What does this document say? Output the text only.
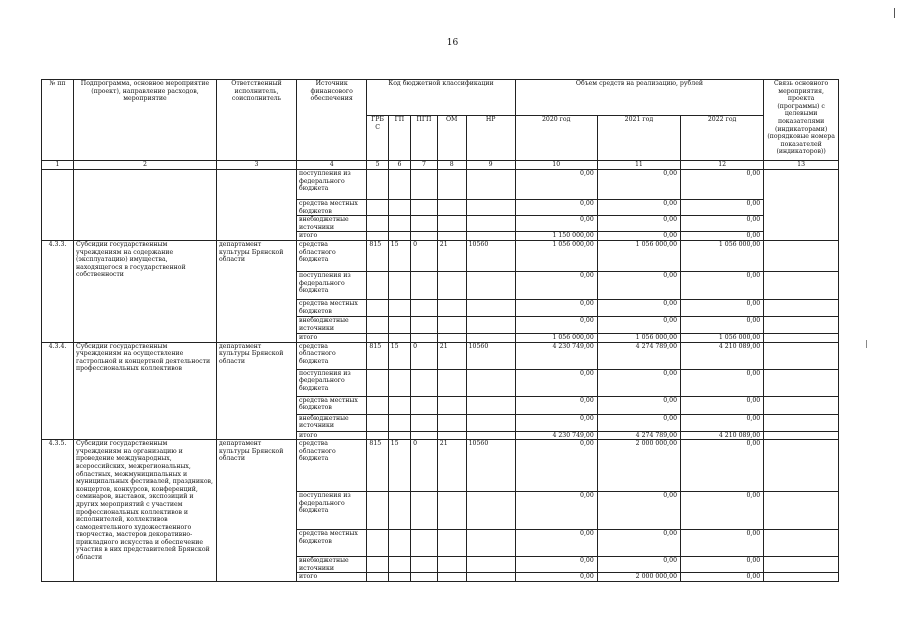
16
№ пп	Подпрограмма, основное мероприятие (проект), направление расходов, мероприятие	Ответственный исполнитель, соисполнитель	Источник финансового обеспечения	Код бюджетной классификации					Объем средств на реализацию, рублей			Связь основного мероприятия, проекта (программы) с целевыми показателями (индикаторами) (порядковые номера показателей (индикаторов))
				ГРБС	ГП	ПГП	ОМ	НР	2020 год	2021 год	2022 год	
1	2	3	4	5	6	7	8	9	10	11	12	13
			поступления из федерального бюджета						0,00	0,00	0,00	
			средства местных бюджетов						0,00	0,00	0,00	
			внебюджетные источники						0,00	0,00	0,00	
			итого						1 150 000,00	0,00	0,00	
4.3.3.	Субсидии государственным учреждениям на содержание (эксплуатацию) имущества, находящегося в государственной собственности	департамент культуры Брянской области	средства областного бюджета	815	15	0	21	10560	1 056 000,00	1 056 000,00	1 056 000,00	
			поступления из федерального бюджета						0,00	0,00	0,00	
			средства местных бюджетов						0,00	0,00	0,00	
			внебюджетные источники						0,00	0,00	0,00	
			итого						1 056 000,00	1 056 000,00	1 056 000,00	
4.3.4.	Субсидии государственным учреждениям на осуществление гастрольной и концертной деятельности профессиональных коллективов	департамент культуры Брянской области	средства областного бюджета	815	15	0	21	10560	4 230 749,00	4 274 789,00	4 210 089,00	
			поступления из федерального бюджета						0,00	0,00	0,00	
			средства местных бюджетов						0,00	0,00	0,00	
			внебюджетные источники						0,00	0,00	0,00	
			итого						4 230 749,00	4 274 789,00	4 210 089,00	
4.3.5.	Субсидии государственным учреждениям на организацию и проведение международных, всероссийских, межрегиональных, областных, межмуниципальных и муниципальных фестивалей, праздников, концертов, конкурсов, конференций, семинаров, выставок, экспозиций и других мероприятий с участием профессиональных коллективов и исполнителей, коллективов самодеятельного художественного творчества, мастеров декоративно-прикладного искусства и обеспечение участия в них представителей Брянской области	департамент культуры Брянской области	средства областного бюджета	815	15	0	21	10560	0,00	2 000 000,00	0,00	
			поступления из федерального бюджета						0,00	0,00	0,00	
			средства местных бюджетов						0,00	0,00	0,00	
			внебюджетные источники						0,00	0,00	0,00	
			итого						0,00	2 000 000,00	0,00	
